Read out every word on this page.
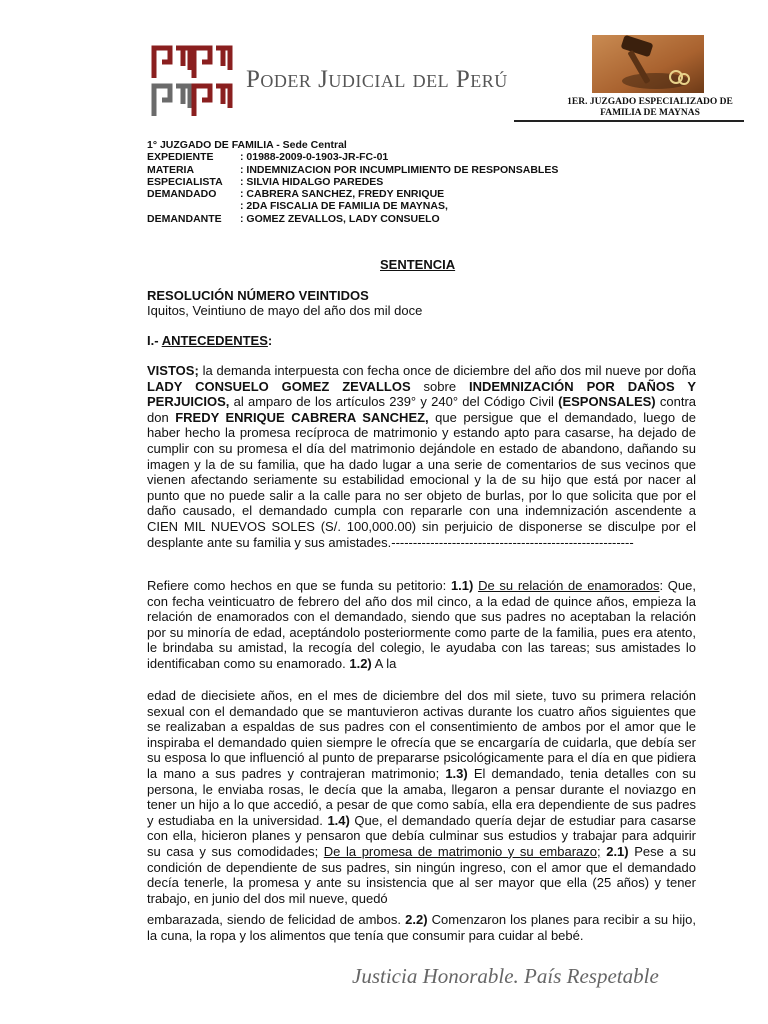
Poder Judicial del Perú
1ER. JUZGADO ESPECIALIZADO DE
FAMILIA DE MAYNAS
1° JUZGADO DE FAMILIA - Sede Central
EXPEDIENTE	: 01988-2009-0-1903-JR-FC-01
MATERIA	: INDEMNIZACION POR INCUMPLIMIENTO DE RESPONSABLES
ESPECIALISTA	: SILVIA HIDALGO PAREDES
DEMANDADO	: CABRERA SANCHEZ, FREDY ENRIQUE
: 2DA FISCALIA DE FAMILIA DE MAYNAS,
DEMANDANTE	: GOMEZ ZEVALLOS, LADY CONSUELO
SENTENCIA
RESOLUCIÓN NÚMERO VEINTIDOS
Iquitos, Veintiuno de mayo del año dos mil doce
I.- ANTECEDENTES:
VISTOS; la demanda interpuesta con fecha once de diciembre del año dos mil nueve por doña LADY CONSUELO GOMEZ ZEVALLOS sobre INDEMNIZACIÓN POR DAÑOS Y PERJUICIOS, al amparo de los artículos 239° y 240° del Código Civil (ESPONSALES) contra don FREDY ENRIQUE CABRERA SANCHEZ, que persigue que el demandado, luego de haber hecho la promesa recíproca de matrimonio y estando apto para casarse, ha dejado de cumplir con su promesa el día del matrimonio dejándole en estado de abandono, dañando su imagen y la de su familia, que ha dado lugar a una serie de comentarios de sus vecinos que vienen afectando seriamente su estabilidad emocional y la de su hijo que está por nacer al punto que no puede salir a la calle para no ser objeto de burlas, por lo que solicita que por el daño causado, el demandado cumpla con repararle con una indemnización ascendente a CIEN MIL NUEVOS SOLES (S/. 100,000.00) sin perjuicio de disponerse se disculpe por el desplante ante su familia y sus amistades.--------------------------------------------------------
Refiere como hechos en que se funda su petitorio: 1.1) De su relación de enamorados: Que, con fecha veinticuatro de febrero del año dos mil cinco, a la edad de quince años, empieza la relación de enamorados con el demandado, siendo que sus padres no aceptaban la relación por su minoría de edad, aceptándolo posteriormente como parte de la familia, pues era atento, le brindaba su amistad, la recogía del colegio, le ayudaba con las tareas; sus amistades lo identificaban como su enamorado. 1.2) A la
edad de diecisiete años, en el mes de diciembre del dos mil siete, tuvo su primera relación sexual con el demandado que se mantuvieron activas durante los cuatro años siguientes que se realizaban a espaldas de sus padres con el consentimiento de ambos por el amor que le inspiraba el demandado quien siempre le ofrecía que se encargaría de cuidarla, que debía ser su esposa lo que influenció al punto de prepararse psicológicamente para el día en que pidiera la mano a sus padres y contrajeran matrimonio; 1.3) El demandado, tenia detalles con su persona, le enviaba rosas, le decía que la amaba, llegaron a pensar durante el noviazgo en tener un hijo a lo que accedió, a pesar de que como sabía, ella era dependiente de sus padres y estudiaba en la universidad. 1.4) Que, el demandado quería dejar de estudiar para casarse con ella, hicieron planes y pensaron que debía culminar sus estudios y trabajar para adquirir su casa y sus comodidades; De la promesa de matrimonio y su embarazo; 2.1) Pese a su condición de dependiente de sus padres, sin ningún ingreso, con el amor que el demandado decía tenerle, la promesa y ante su insistencia que al ser mayor que ella (25 años) y tener trabajo, en junio del dos mil nueve, quedó
embarazada, siendo de felicidad de ambos. 2.2) Comenzaron los planes para recibir a su hijo, la cuna, la ropa y los alimentos que tenía que consumir para cuidar al bebé.
Justicia Honorable. País Respetable
